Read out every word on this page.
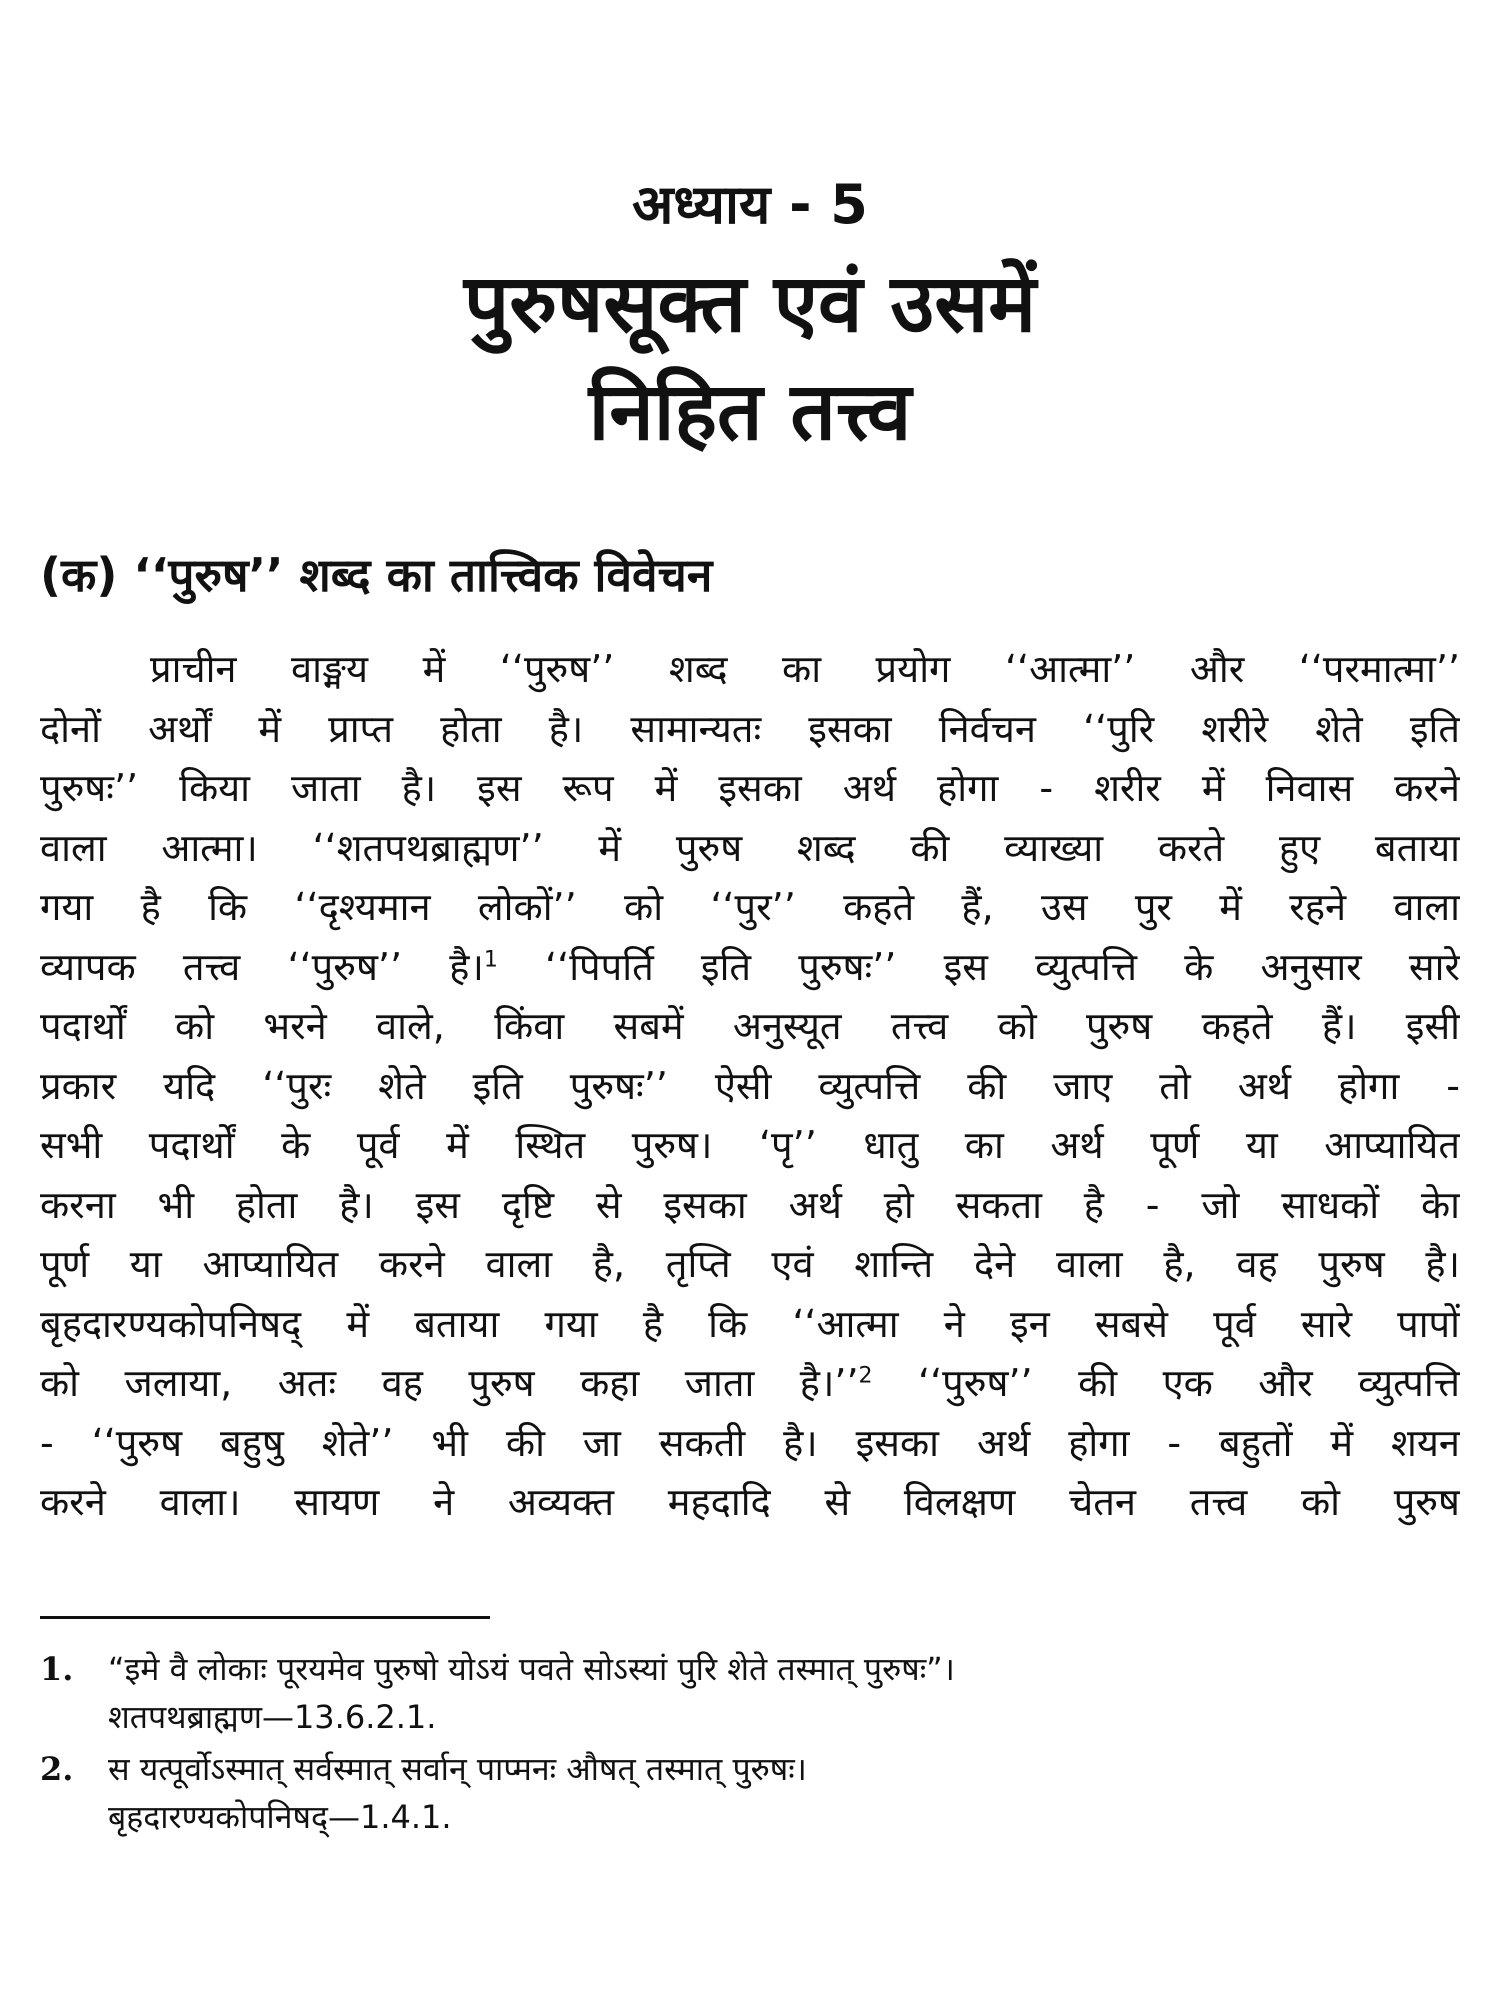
अध्याय - 5
पुरुषसूक्त एवं उसमें
निहित तत्त्व
(क) ‘‘पुरुष’’ शब्द का तात्त्विक विवेचन
प्राचीन वाङ्मय में ‘‘पुरुष’’ शब्द का प्रयोग ‘‘आत्मा’’ और ‘‘परमात्मा’’
दोनों अर्थों में प्राप्त होता है। सामान्यतः इसका निर्वचन ‘‘पुरि शरीरे शेते इति
पुरुषः’’ किया जाता है। इस रूप में इसका अर्थ होगा - शरीर में निवास करने
वाला आत्मा। ‘‘शतपथब्राह्मण’’ में पुरुष शब्द की व्याख्या करते हुए बताया
गया है कि ‘‘दृश्यमान लोकों’’ को ‘‘पुर’’ कहते हैं, उस पुर में रहने वाला
व्यापक तत्त्व ‘‘पुरुष’’ है।$^1$ ‘‘पिपर्ति इति पुरुषः’’ इस व्युत्पत्ति के अनुसार सारे
पदार्थों को भरने वाले, किंवा सबमें अनुस्यूत तत्त्व को पुरुष कहते हैं। इसी
प्रकार यदि ‘‘पुरः शेते इति पुरुषः’’ ऐसी व्युत्पत्ति की जाए तो अर्थ होगा -
सभी पदार्थों के पूर्व में स्थित पुरुष। ‘पृ’’ धातु का अर्थ पूर्ण या आप्यायित
करना भी होता है। इस दृष्टि से इसका अर्थ हो सकता है - जो साधकों केा
पूर्ण या आप्यायित करने वाला है, तृप्ति एवं शान्ति देने वाला है, वह पुरुष है।
बृहदारण्यकोपनिषद् में बताया गया है कि ‘‘आत्मा ने इन सबसे पूर्व सारे पापों
को जलाया, अतः वह पुरुष कहा जाता है।’’$^2$ ‘‘पुरुष’’ की एक और व्युत्पत्ति
- ‘‘पुरुष बहुषु शेते’’ भी की जा सकती है। इसका अर्थ होगा - बहुतों में शयन
करने वाला। सायण ने अव्यक्त महदादि से विलक्षण चेतन तत्त्व को पुरुष
1.	“इमे वै लोकाः पूरयमेव पुरुषो योऽयं पवते सोऽस्यां पुरि शेते तस्मात् पुरुषः”।
शतपथब्राह्मण—13.6.2.1.
2.	स यत्पूर्वोऽस्मात् सर्वस्मात् सर्वान् पाप्मनः औषत् तस्मात् पुरुषः।
बृहदारण्यकोपनिषद्—1.4.1.
